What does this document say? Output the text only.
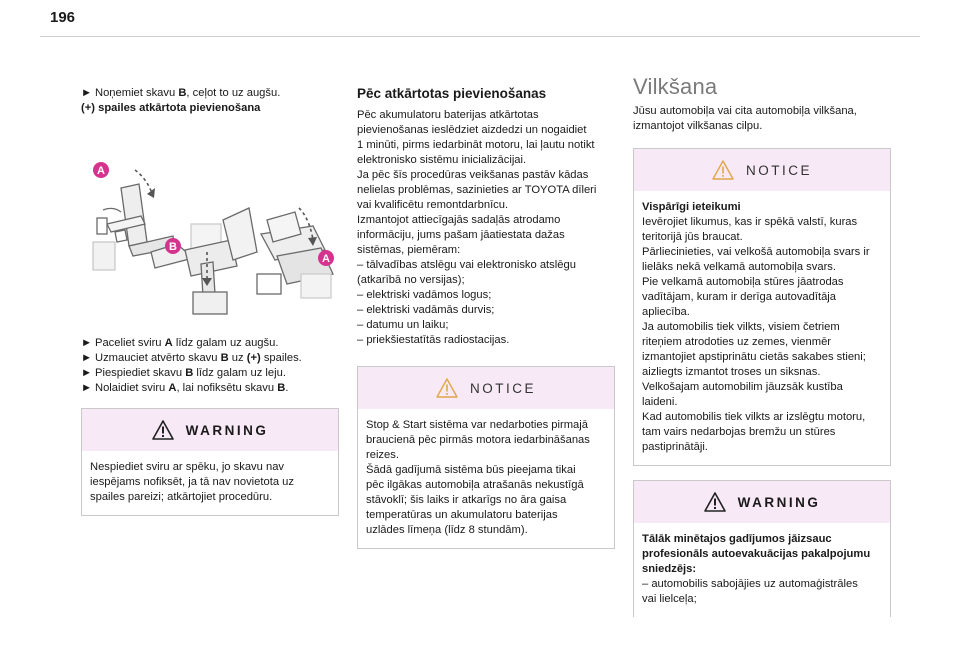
196
► Noņemiet skavu B, ceļot to uz augšu.
(+) spailes atkārtota pievienošana
A
B
A
► Paceliet sviru A līdz galam uz augšu.
► Uzmauciet atvērto skavu B uz (+) spailes.
► Piespiediet skavu B līdz galam uz leju.
► Nolaidiet sviru A, lai nofiksētu skavu B.
WARNING
Nespiediet sviru ar spēku, jo skavu nav
iespējams nofiksēt, ja tā nav novietota uz
spailes pareizi; atkārtojiet procedūru.
Pēc atkārtotas pievienošanas
Pēc akumulatoru baterijas atkārtotas
pievienošanas ieslēdziet aizdedzi un nogaidiet
1 minūti, pirms iedarbināt motoru, lai ļautu notikt
elektronisko sistēmu inicializācijai.
Ja pēc šīs procedūras veikšanas pastāv kādas
nelielas problēmas, sazinieties ar TOYOTA dīleri
vai kvalificētu remontdarbnīcu.
Izmantojot attiecīgajās sadaļās atrodamo
informāciju, jums pašam jāatiestata dažas
sistēmas, piemēram:
– tālvadības atslēgu vai elektronisko atslēgu
(atkarībā no versijas);
– elektriski vadāmos logus;
– elektriski vadāmās durvis;
– datumu un laiku;
– priekšiestatītās radiostacijas.
NOTICE
Stop & Start sistēma var nedarboties pirmajā
braucienā pēc pirmās motora iedarbināšanas
reizes.
Šādā gadījumā sistēma būs pieejama tikai
pēc ilgākas automobiļa atrašanās nekustīgā
stāvoklī; šis laiks ir atkarīgs no āra gaisa
temperatūras un akumulatoru baterijas
uzlādes līmeņa (līdz 8 stundām).
Vilkšana
Jūsu automobiļa vai cita automobiļa vilkšana,
izmantojot vilkšanas cilpu.
NOTICE
Vispārīgi ieteikumi
Ievērojiet likumus, kas ir spēkā valstī, kuras
teritorijā jūs braucat.
Pārliecinieties, vai velkošā automobiļa svars ir
lielāks nekā velkamā automobiļa svars.
Pie velkamā automobiļa stūres jāatrodas
vadītājam, kuram ir derīga autovadītāja
apliecība.
Ja automobilis tiek vilkts, visiem četriem
riteņiem atrodoties uz zemes, vienmēr
izmantojiet apstiprinātu cietās sakabes stieni;
aizliegts izmantot troses un siksnas.
Velkošajam automobilim jāuzsāk kustība
laideni.
Kad automobilis tiek vilkts ar izslēgtu motoru,
tam vairs nedarbojas bremžu un stūres
pastiprinātāji.
WARNING
Tālāk minētajos gadījumos jāizsauc
profesionāls autoevakuācijas pakalpojumu
sniedzējs:
– automobilis sabojājies uz automaģistrāles
vai lielceļa;
